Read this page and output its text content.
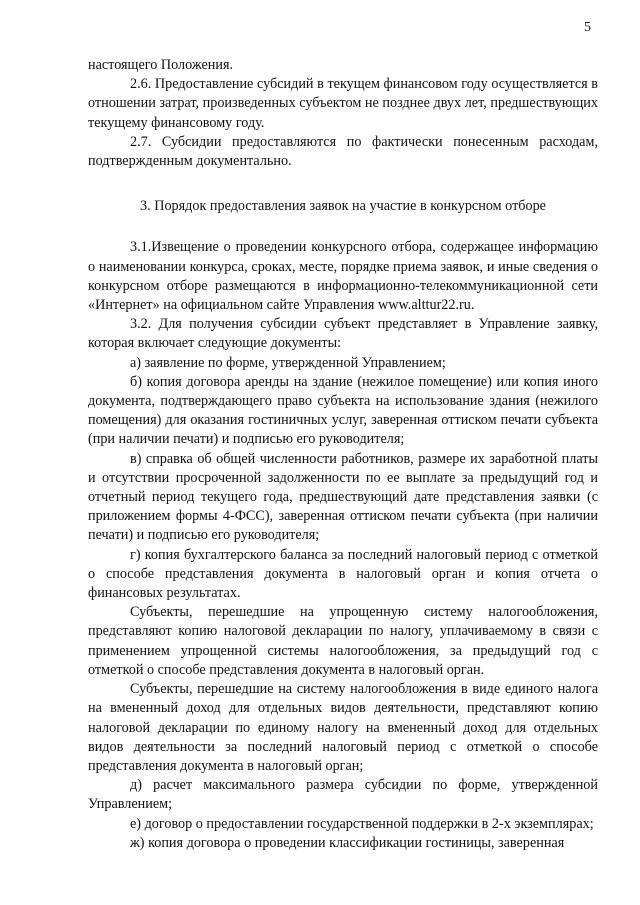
5

настоящего Положения.

2.6. Предоставление субсидий в текущем финансовом году осуществляется в отношении затрат, произведенных субъектом не позднее двух лет, предшествующих текущему финансовому году.

2.7. Субсидии предоставляются по фактически понесенным расходам, подтвержденным документально.

3. Порядок предоставления заявок на участие в конкурсном отборе

3.1.Извещение о проведении конкурсного отбора, содержащее информацию о наименовании конкурса, сроках, месте, порядке приема заявок, и иные сведения о конкурсном отборе размещаются в информационно-телекоммуникационной сети «Интернет» на официальном сайте Управления www.alttur22.ru.

3.2. Для получения субсидии субъект представляет в Управление заявку, которая включает следующие документы:

а) заявление по форме, утвержденной Управлением;

б) копия договора аренды на здание (нежилое помещение) или копия иного документа, подтверждающего право субъекта на использование здания (нежилого помещения) для оказания гостиничных услуг, заверенная оттиском печати субъекта (при наличии печати) и подписью его руководителя;

в) справка об общей численности работников, размере их заработной платы и отсутствии просроченной задолженности по ее выплате за предыдущий год и отчетный период текущего года, предшествующий дате представления заявки (с приложением формы 4-ФСС), заверенная оттиском печати субъекта (при наличии печати) и подписью его руководителя;

г) копия бухгалтерского баланса за последний налоговый период с отметкой о способе представления документа в налоговый орган и копия отчета о финансовых результатах.

Субъекты, перешедшие на упрощенную систему налогообложения, представляют копию налоговой декларации по налогу, уплачиваемому в связи с применением упрощенной системы налогообложения, за предыдущий год с отметкой о способе представления документа в налоговый орган.

Субъекты, перешедшие на систему налогообложения в виде единого налога на вмененный доход для отдельных видов деятельности, представляют копию налоговой декларации по единому налогу на вмененный доход для отдельных видов деятельности за последний налоговый период с отметкой о способе представления документа в налоговый орган;

д) расчет максимального размера субсидии по форме, утвержденной Управлением;

е) договор о предоставлении государственной поддержки в 2-х экземплярах;

ж) копия договора о проведении классификации гостиницы, заверенная
